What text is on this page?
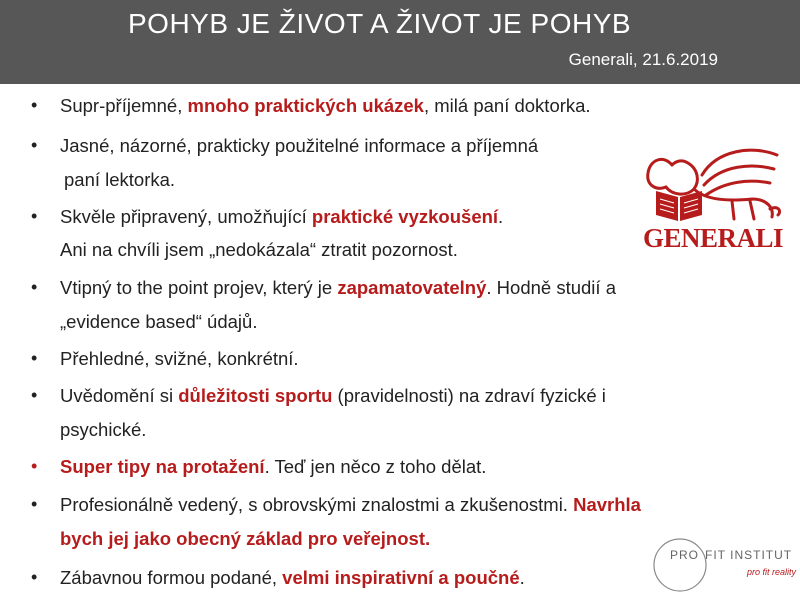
POHYB JE ŽIVOT A ŽIVOT JE POHYB
Generali, 21.6.2019
• Supr-příjemné, mnoho praktických ukázek, milá paní doktorka.
• Jasné, názorné, prakticky použitelné informace a příjemná
paní lektorka.
• Skvěle připravený, umožňující praktické vyzkoušení.
Ani na chvíli jsem „nedokázala“ ztratit pozornost.
• Vtipný to the point projev, který je zapamatovatelný. Hodně studií a
„evidence based“ údajů.
• Přehledné, svižné, konkrétní.
• Uvědomění si důležitosti sportu (pravidelnosti) na zdraví fyzické i
psychické.
• Super tipy na protažení. Teď jen něco z toho dělat.
• Profesionálně vedený, s obrovskými znalostmi a zkušenostmi. Navrhla
bych jej jako obecný základ pro veřejnost.
• Zábavnou formou podané, velmi inspirativní a poučné.
GENERALI
PRO FIT INSTITUT
pro fit reality
